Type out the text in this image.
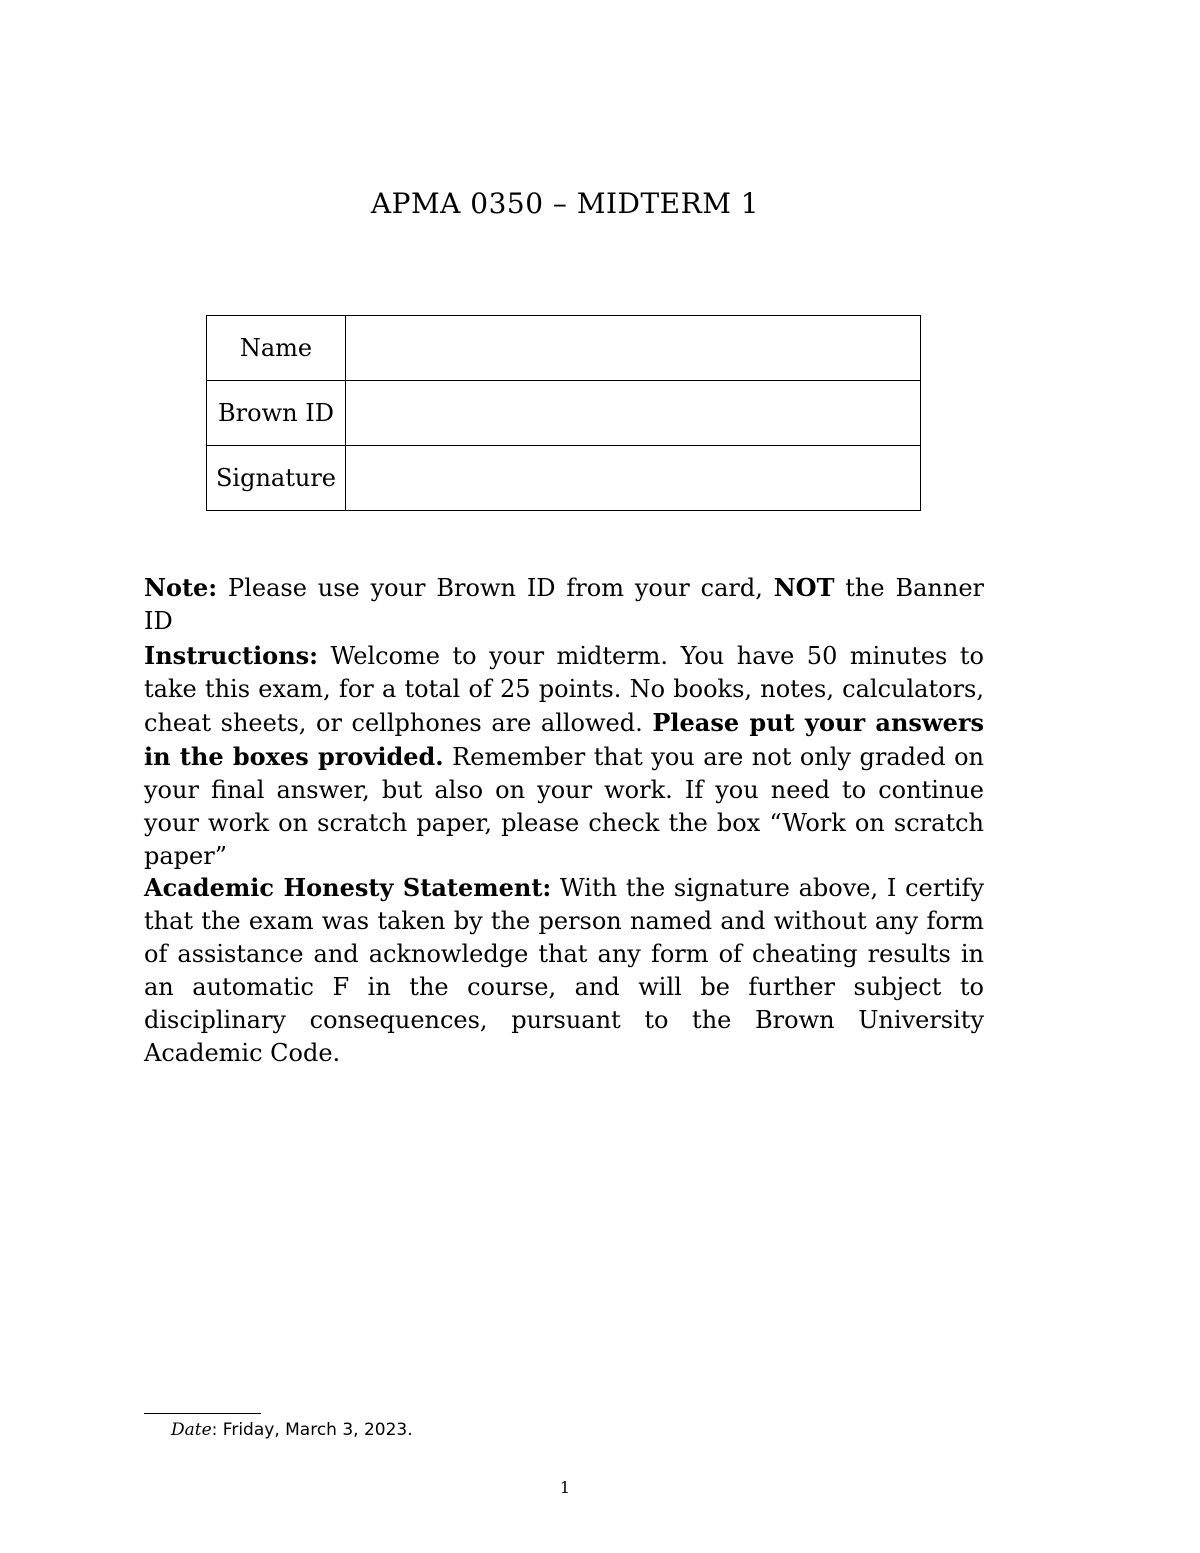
APMA 0350 – MIDTERM 1
Name	
Brown ID	
Signature	
Note: Please use your Brown ID from your card, NOT the Banner ID
Instructions: Welcome to your midterm. You have 50 minutes to take this exam, for a total of 25 points. No books, notes, calculators, cheat sheets, or cellphones are allowed. Please put your answers in the boxes provided. Remember that you are not only graded on your final answer, but also on your work. If you need to continue your work on scratch paper, please check the box “Work on scratch paper”
Academic Honesty Statement: With the signature above, I certify that the exam was taken by the person named and without any form of assistance and acknowledge that any form of cheating results in an automatic F in the course, and will be further subject to disciplinary consequences, pursuant to the Brown University Academic Code.
Date: Friday, March 3, 2023.
1
